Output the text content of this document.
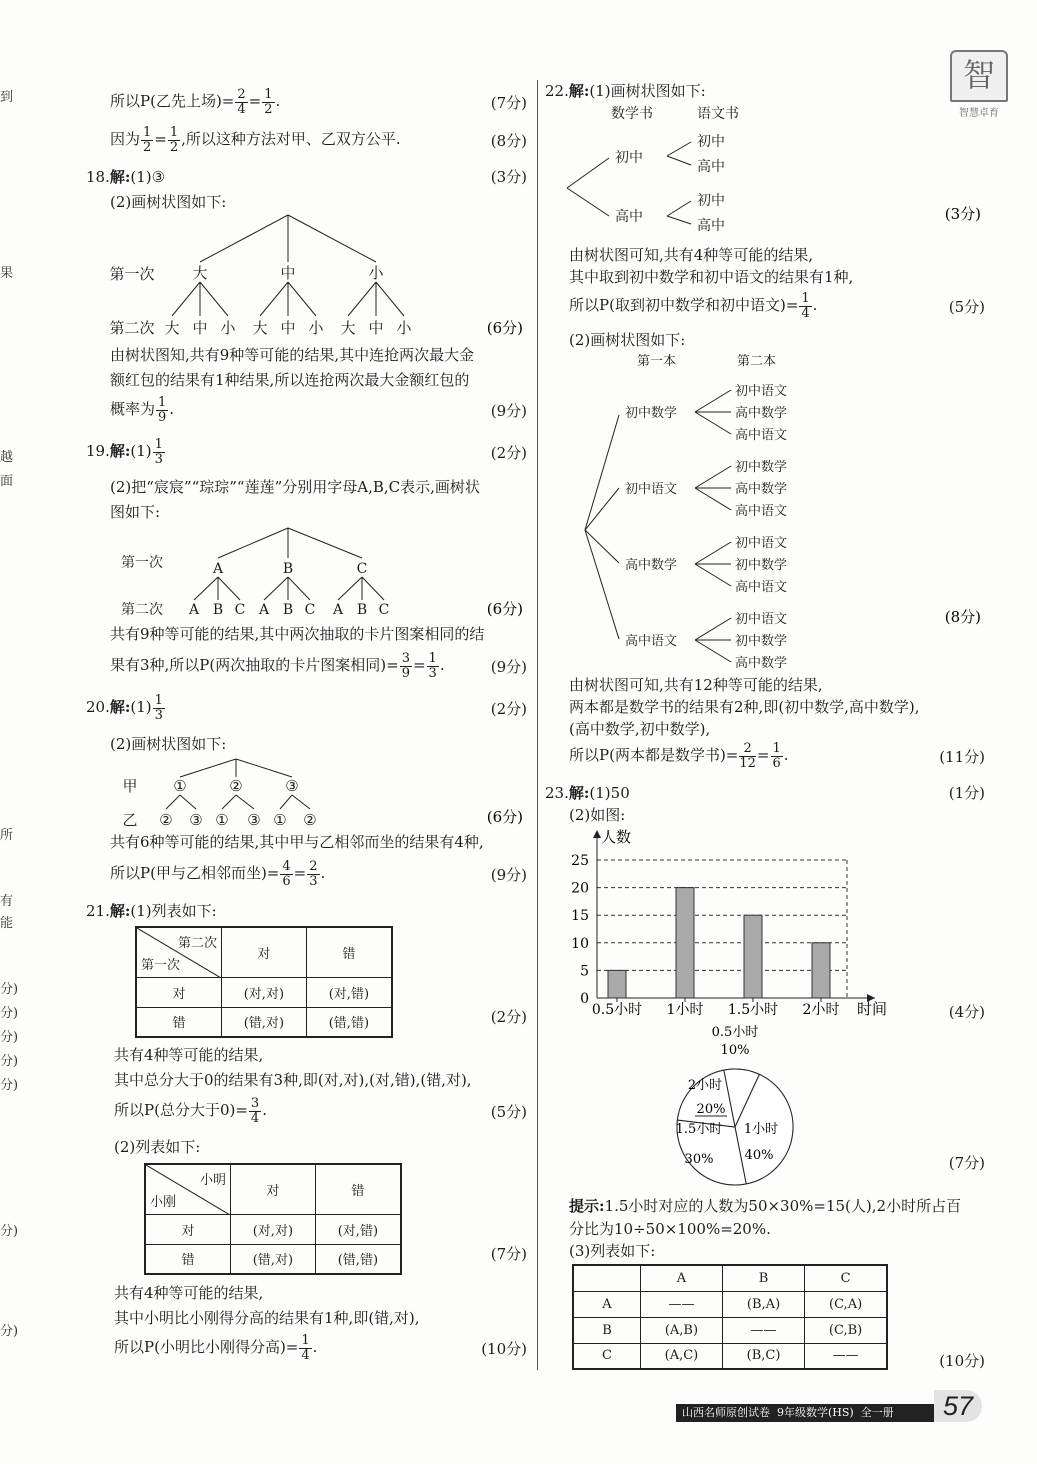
到
果
越
面
所
有
能
分)
分)
分)
分)
分)
分)
分)
智
智慧卓育
所以P(乙先上场)= $\frac{2}{4} = \frac{1}{2}$ .	(7分)
因为 $\frac{1}{2} = \frac{1}{2}$ ,所以这种方法对甲、乙双方公平.	(8分)
18.解:(1)③	(3分)
(2)画树状图如下:
第一次
第二次
大	中	小
大 中 小 大 中 小 大 中 小	(6分)
由树状图知,共有9种等可能的结果,其中连抢两次最大金
额红包的结果有1种结果,所以连抢两次最大金额红包的
概率为 $\frac{1}{9}$ .	(9分)
19.解:(1) $\frac{1}{3}$	(2分)
(2)把“宸宸”“琮琮”“莲莲”分别用字母A,B,C表示,画树状
图如下:
第一次
第二次
A	B	C
A B C A B C A B C	(6分)
共有9种等可能的结果,其中两次抽取的卡片图案相同的结
果有3种,所以P(两次抽取的卡片图案相同)= $\frac{3}{9} = \frac{1}{3}$ .	(9分)
20.解:(1) $\frac{1}{3}$	(2分)
(2)画树状图如下:
甲
乙
①	②	③
② ③ ① ③ ① ②	(6分)
共有6种等可能的结果,其中甲与乙相邻而坐的结果有4种,
所以P(甲与乙相邻而坐)= $\frac{4}{6} = \frac{2}{3}$ .	(9分)
21.解:(1)列表如下:
第二次
第一次	对	错
对	(对,对)	(对,错)
错	(错,对)	(错,错)	(2分)
共有4种等可能的结果,
其中总分大于0的结果有3种,即(对,对),(对,错),(错,对),
所以P(总分大于$0)= \frac{3}{4}$ .	(5分)
(2)列表如下:
小明
小刚	对	错
对	(对,对)	(对,错)
错	(错,对)	(错,错)	(7分)
共有4种等可能的结果,
其中小明比小刚得分高的结果有1种,即(错,对),
所以P(小明比小刚得分高)= $\frac{1}{4}$ .	(10分)
22.解:(1)画树状图如下:
数学书	语文书
初中
高中
初中
高中
初中
高中
(3分)
由树状图可知,共有4种等可能的结果,
其中取到初中数学和初中语文的结果有1种,
所以P(取到初中数学和初中语文)= $\frac{1}{4}$ .	(5分)
(2)画树状图如下:
第一本	第二本
初中数学
初中语文
高中数学
高中语文
初中语文
高中数学
高中语文
初中数学
高中数学
高中语文
初中语文
初中数学
高中语文
初中语文
初中数学
高中数学
(8分)
由树状图可知,共有12种等可能的结果,
两本都是数学书的结果有2种,即(初中数学,高中数学),
(高中数学,初中数学),
所以P(两本都是数学书)= $\frac{2}{12} = \frac{1}{6}$ .	(11分)
23.解:(1)50	(1分)
(2)如图:
人数
时间
0
5
10
15
20
25
0.5小时 1小时 1.5小时 2小时	(4分)
0.5小时
10%
1小时
40%
1.5小时
30%
2小时
20%
(7分)
提示:1.5小时对应的人数为50×30%=15(人),2小时所占百
分比为10÷50×100%=20%.
(3)列表如下:
	A	B	C
A	——	(B,A)	(C,A)
B	(A,B)	——	(C,B)
C	(A,C)	(B,C)	——	(10分)
山西名师原创试卷 9年级数学(HS) 全一册	57
